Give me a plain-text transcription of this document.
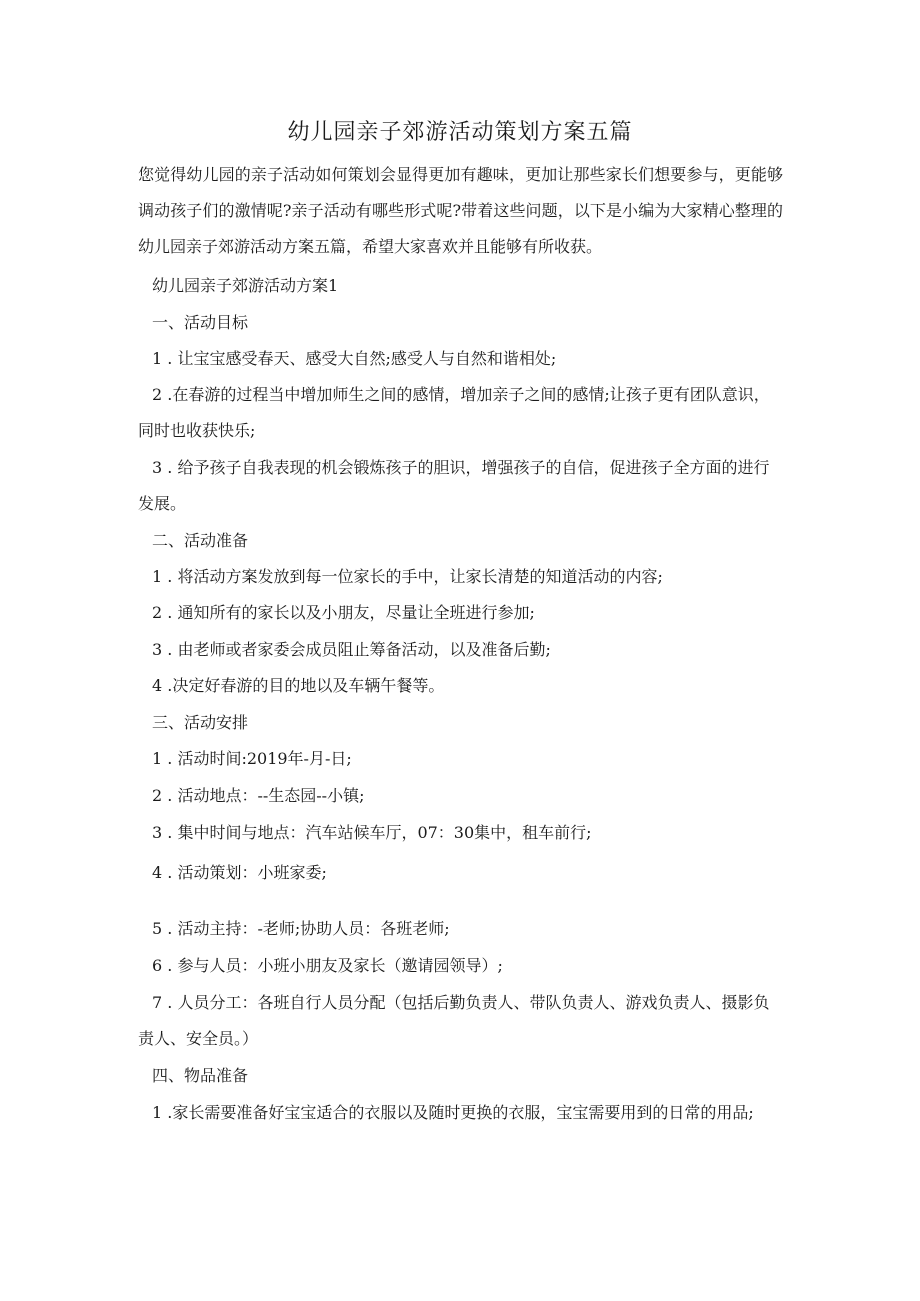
幼儿园亲子郊游活动策划方案五篇
您觉得幼儿园的亲子活动如何策划会显得更加有趣味，更加让那些家长们想要参与，更能够调动孩子们的激情呢?亲子活动有哪些形式呢?带着这些问题，以下是小编为大家精心整理的幼儿园亲子郊游活动方案五篇，希望大家喜欢并且能够有所收获。
幼儿园亲子郊游活动方案1
一、活动目标
1 . 让宝宝感受春天、感受大自然;感受人与自然和谐相处;
2 .在春游的过程当中增加师生之间的感情，增加亲子之间的感情;让孩子更有团队意识，同时也收获快乐;
3 . 给予孩子自我表现的机会锻炼孩子的胆识，增强孩子的自信，促进孩子全方面的进行发展。
二、活动准备
1 . 将活动方案发放到每一位家长的手中，让家长清楚的知道活动的内容;
2 . 通知所有的家长以及小朋友，尽量让全班进行参加;
3 . 由老师或者家委会成员阻止筹备活动，以及准备后勤;
4 .决定好春游的目的地以及车辆午餐等。
三、活动安排
1 . 活动时间:2019年-月-日;
2 . 活动地点：--生态园--小镇;
3 . 集中时间与地点：汽车站候车厅，07：30集中，租车前行;
4 . 活动策划：小班家委;
5 . 活动主持：-老师;协助人员：各班老师;
6 . 参与人员：小班小朋友及家长（邀请园领导）;
7 . 人员分工：各班自行人员分配（包括后勤负责人、带队负责人、游戏负责人、摄影负责人、安全员。）
四、物品准备
1 .家长需要准备好宝宝适合的衣服以及随时更换的衣服，宝宝需要用到的日常的用品;
